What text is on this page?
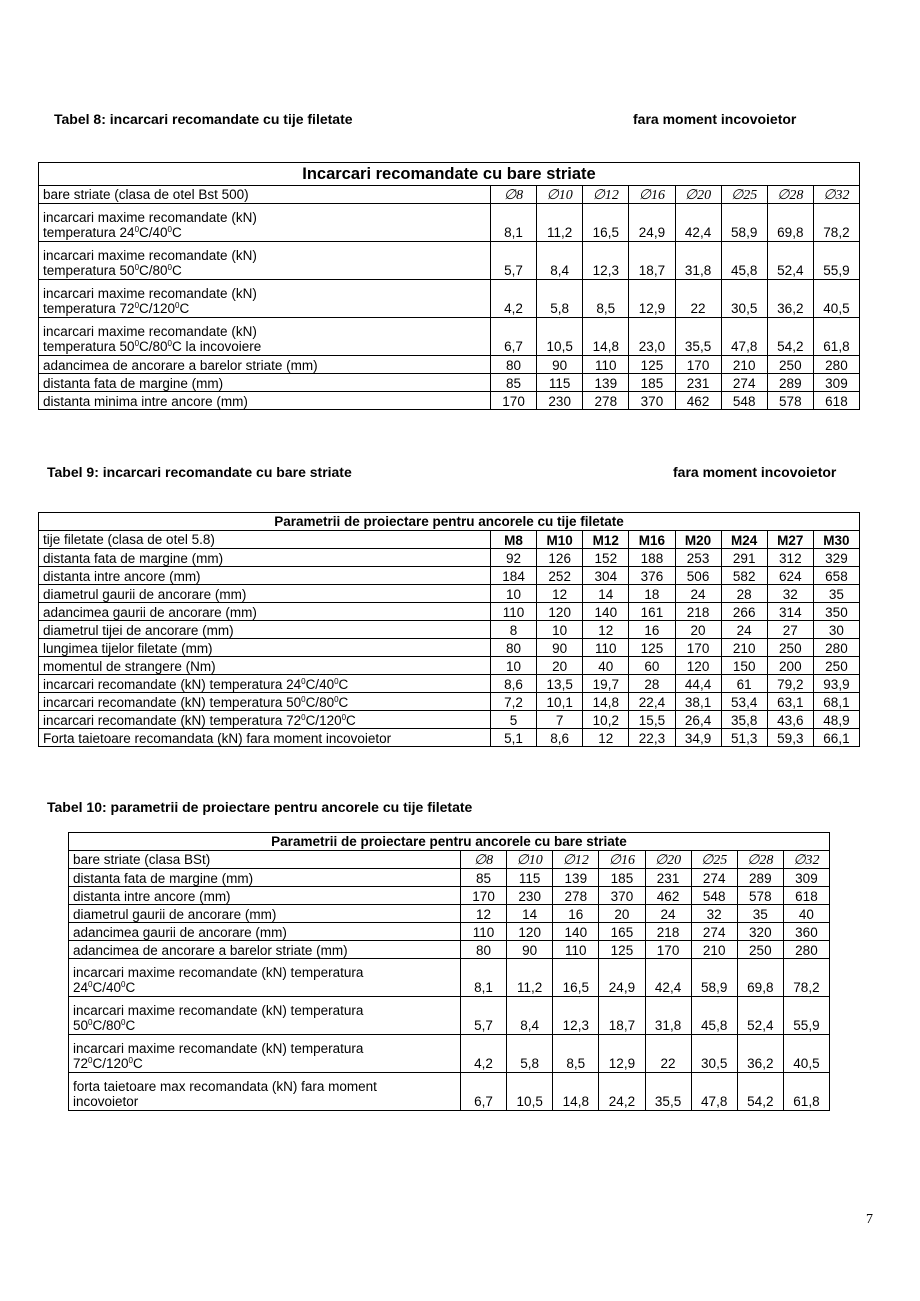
Tabel 8: incarcari recomandate cu tije filetate	fara moment incovoietor
Incarcari recomandate cu bare striate								
bare striate (clasa de otel Bst 500)	∅8	∅10	∅12	∅16	∅20	∅25	∅28	∅32
incarcari maxime recomandate (kN)
temperatura $24^0C/40^0C$	8,1	11,2	16,5	24,9	42,4	58,9	69,8	78,2
incarcari maxime recomandate (kN)
temperatura $50^0C/80^0C$	5,7	8,4	12,3	18,7	31,8	45,8	52,4	55,9
incarcari maxime recomandate (kN)
temperatura $72^0C/120^0C$	4,2	5,8	8,5	12,9	22	30,5	36,2	40,5
incarcari maxime recomandate (kN)
temperatura $50^0C/80^0C$ la incovoiere	6,7	10,5	14,8	23,0	35,5	47,8	54,2	61,8
adancimea de ancorare a barelor striate (mm)	80	90	110	125	170	210	250	280
distanta fata de margine (mm)	85	115	139	185	231	274	289	309
distanta minima intre ancore (mm)	170	230	278	370	462	548	578	618
Tabel 9: incarcari recomandate cu bare striate	fara moment incovoietor
Parametrii de proiectare pentru ancorele cu tije filetate								
tije filetate (clasa de otel 5.8)	M8	M10	M12	M16	M20	M24	M27	M30
distanta fata de margine (mm)	92	126	152	188	253	291	312	329
distanta intre ancore (mm)	184	252	304	376	506	582	624	658
diametrul gaurii de ancorare (mm)	10	12	14	18	24	28	32	35
adancimea gaurii de ancorare (mm)	110	120	140	161	218	266	314	350
diametrul tijei de ancorare (mm)	8	10	12	16	20	24	27	30
lungimea tijelor filetate (mm)	80	90	110	125	170	210	250	280
momentul de strangere (Nm)	10	20	40	60	120	150	200	250
incarcari recomandate (kN) temperatura $24^0C/40^0C$	8,6	13,5	19,7	28	44,4	61	79,2	93,9
incarcari recomandate (kN) temperatura $50^0C/80^0C$	7,2	10,1	14,8	22,4	38,1	53,4	63,1	68,1
incarcari recomandate (kN) temperatura $72^0C/120^0C$	5	7	10,2	15,5	26,4	35,8	43,6	48,9
Forta taietoare recomandata (kN) fara moment incovoietor	5,1	8,6	12	22,3	34,9	51,3	59,3	66,1
Tabel 10: parametrii de proiectare pentru ancorele cu tije filetate
Parametrii de proiectare pentru ancorele cu bare striate								
bare striate (clasa BSt)	∅8	∅10	∅12	∅16	∅20	∅25	∅28	∅32
distanta fata de margine (mm)	85	115	139	185	231	274	289	309
distanta intre ancore (mm)	170	230	278	370	462	548	578	618
diametrul gaurii de ancorare (mm)	12	14	16	20	24	32	35	40
adancimea gaurii de ancorare (mm)	110	120	140	165	218	274	320	360
adancimea de ancorare a barelor striate (mm)	80	90	110	125	170	210	250	280
incarcari maxime recomandate (kN) temperatura
$24^0C/40^0C$	8,1	11,2	16,5	24,9	42,4	58,9	69,8	78,2
incarcari maxime recomandate (kN) temperatura
$50^0C/80^0C$	5,7	8,4	12,3	18,7	31,8	45,8	52,4	55,9
incarcari maxime recomandate (kN) temperatura
$72^0C/120^0C$	4,2	5,8	8,5	12,9	22	30,5	36,2	40,5
forta taietoare max recomandata (kN) fara moment
incovoietor	6,7	10,5	14,8	24,2	35,5	47,8	54,2	61,8
7
